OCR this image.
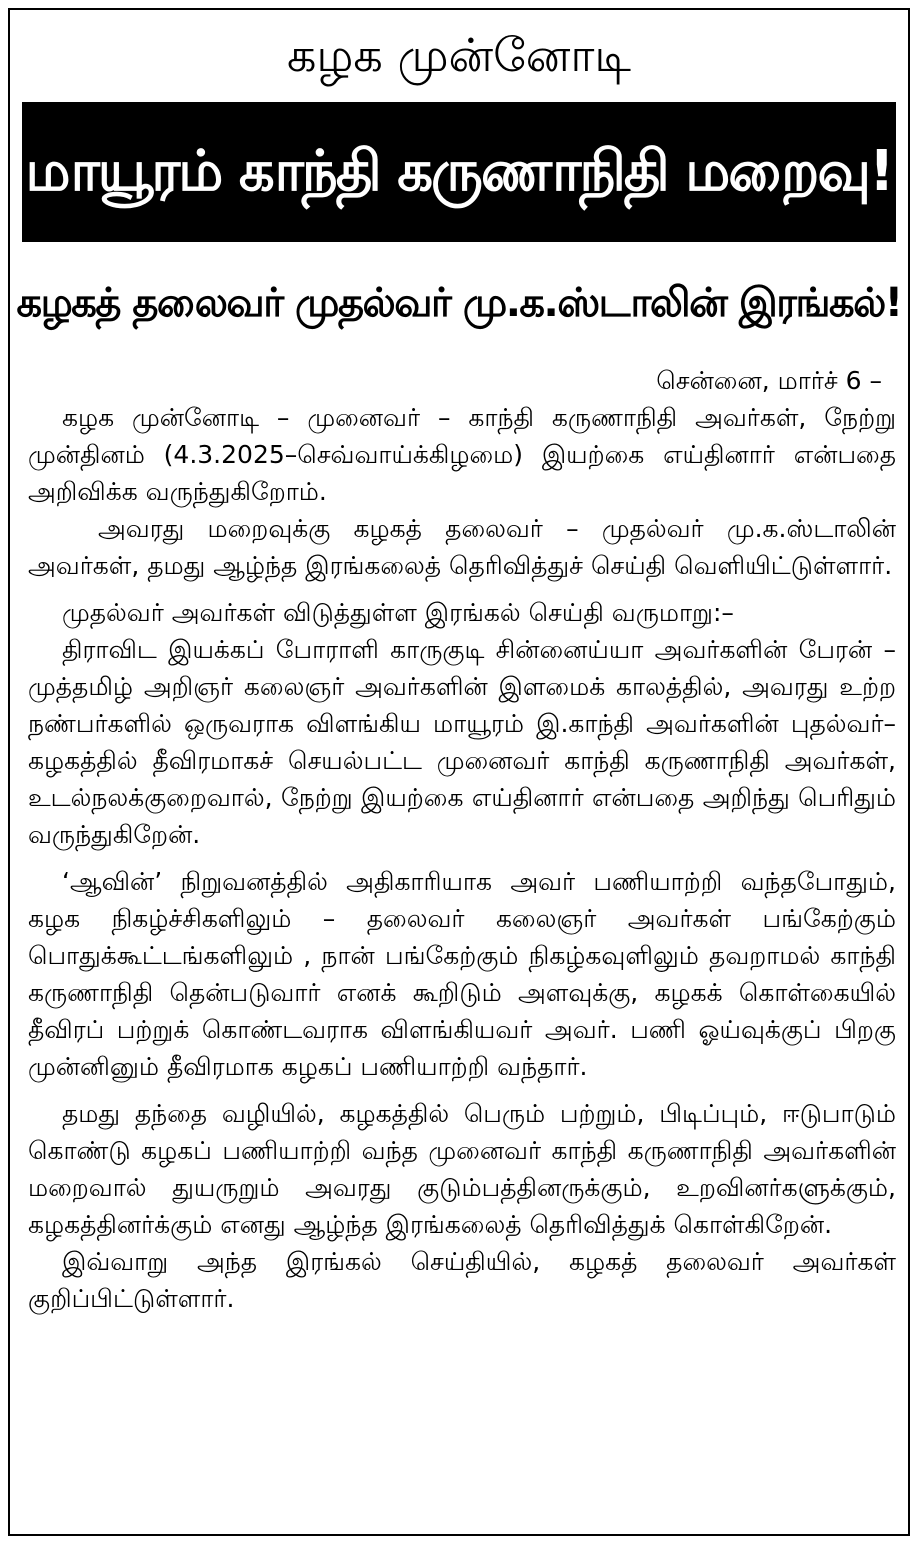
கழக முன்னோடி
மாயூரம் காந்தி கருணாநிதி மறைவு!
கழகத் தலைவர் முதல்வர் மு.க.ஸ்டாலின் இரங்கல்!

சென்னை, மார்ச் 6 –

கழக முன்னோடி – முனைவர் – காந்தி கருணாநிதி அவர்கள், நேற்று முன்தினம் (4.3.2025–செவ்வாய்க்கிழமை) இயற்கை எய்தினார் என்பதை அறிவிக்க வருந்துகிறோம்.

அவரது மறைவுக்கு கழகத் தலைவர் – முதல்வர் மு.க.ஸ்டாலின் அவர்கள், தமது ஆழ்ந்த இரங்கலைத் தெரிவித்துச் செய்தி வெளியிட்டுள்ளார்.

முதல்வர் அவர்கள் விடுத்துள்ள இரங்கல் செய்தி வருமாறு:–

திராவிட இயக்கப் போராளி காருகுடி சின்னைய்யா அவர்களின் பேரன் – முத்தமிழ் அறிஞர் கலைஞர் அவர்களின் இளமைக் காலத்தில், அவரது உற்ற நண்பர்களில் ஒருவராக விளங்கிய மாயூரம் இ.காந்தி அவர்களின் புதல்வர்– கழகத்தில் தீவிரமாகச் செயல்பட்ட முனைவர் காந்தி கருணாநிதி அவர்கள், உடல்நலக்குறைவால், நேற்று இயற்கை எய்தினார் என்பதை அறிந்து பெரிதும் வருந்துகிறேன்.

‘ஆவின்’ நிறுவனத்தில் அதிகாரியாக அவர் பணியாற்றி வந்தபோதும், கழக நிகழ்ச்சிகளிலும் – தலைவர் கலைஞர் அவர்கள் பங்கேற்கும் பொதுக்கூட்டங்களிலும் , நான் பங்கேற்கும் நிகழ்கவுளிலும் தவறாமல் காந்தி கருணாநிதி தென்படுவார் எனக் கூறிடும் அளவுக்கு, கழகக் கொள்கையில் தீவிரப் பற்றுக் கொண்டவராக விளங்கியவர் அவர். பணி ஓய்வுக்குப் பிறகு முன்னினும் தீவிரமாக கழகப் பணியாற்றி வந்தார்.

தமது தந்தை வழியில், கழகத்தில் பெரும் பற்றும், பிடிப்பும், ஈடுபாடும் கொண்டு கழகப் பணியாற்றி வந்த முனைவர் காந்தி கருணாநிதி அவர்களின் மறைவால் துயருறும் அவரது குடும்பத்தினருக்கும், உறவினர்களுக்கும், கழகத்தினர்க்கும் எனது ஆழ்ந்த இரங்கலைத் தெரிவித்துக் கொள்கிறேன்.

இவ்வாறு அந்த இரங்கல் செய்தியில், கழகத் தலைவர் அவர்கள் குறிப்பிட்டுள்ளார்.
